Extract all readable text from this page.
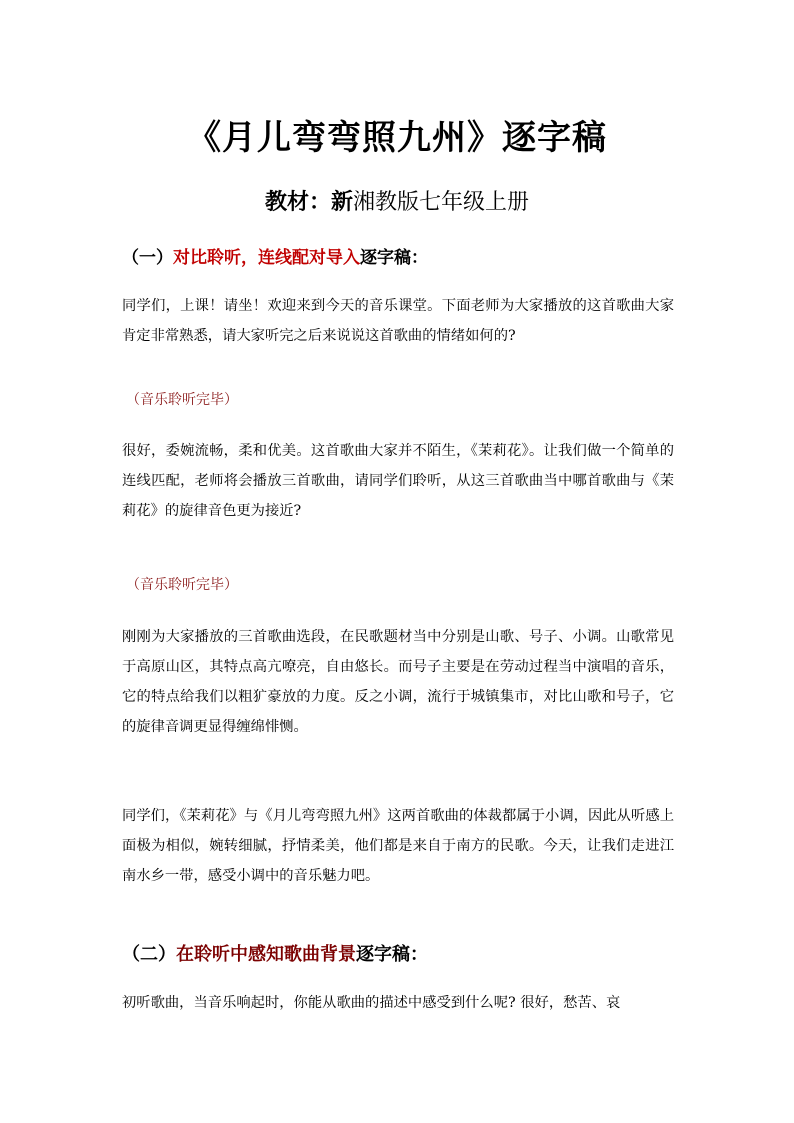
《月儿弯弯照九州》逐字稿
教材：新湘教版七年级上册
（一）对比聆听，连线配对导入逐字稿：
同学们，上课！请坐！欢迎来到今天的音乐课堂。下面老师为大家播放的这首歌曲大家肯定非常熟悉，请大家听完之后来说说这首歌曲的情绪如何的?
（音乐聆听完毕）
很好，委婉流畅，柔和优美。这首歌曲大家并不陌生，《茉莉花》。让我们做一个简单的连线匹配，老师将会播放三首歌曲，请同学们聆听，从这三首歌曲当中哪首歌曲与《茉莉花》的旋律音色更为接近?
（音乐聆听完毕）
刚刚为大家播放的三首歌曲选段，在民歌题材当中分别是山歌、号子、小调。山歌常见于高原山区，其特点高亢嘹亮，自由悠长。而号子主要是在劳动过程当中演唱的音乐，它的特点给我们以粗犷豪放的力度。反之小调，流行于城镇集市，对比山歌和号子，它的旋律音调更显得缠绵悱恻。
同学们，《茉莉花》与《月儿弯弯照九州》这两首歌曲的体裁都属于小调，因此从听感上面极为相似，婉转细腻，抒情柔美，他们都是来自于南方的民歌。今天，让我们走进江南水乡一带，感受小调中的音乐魅力吧。
（二）在聆听中感知歌曲背景逐字稿：
初听歌曲，当音乐响起时，你能从歌曲的描述中感受到什么呢? 很好，愁苦、哀
